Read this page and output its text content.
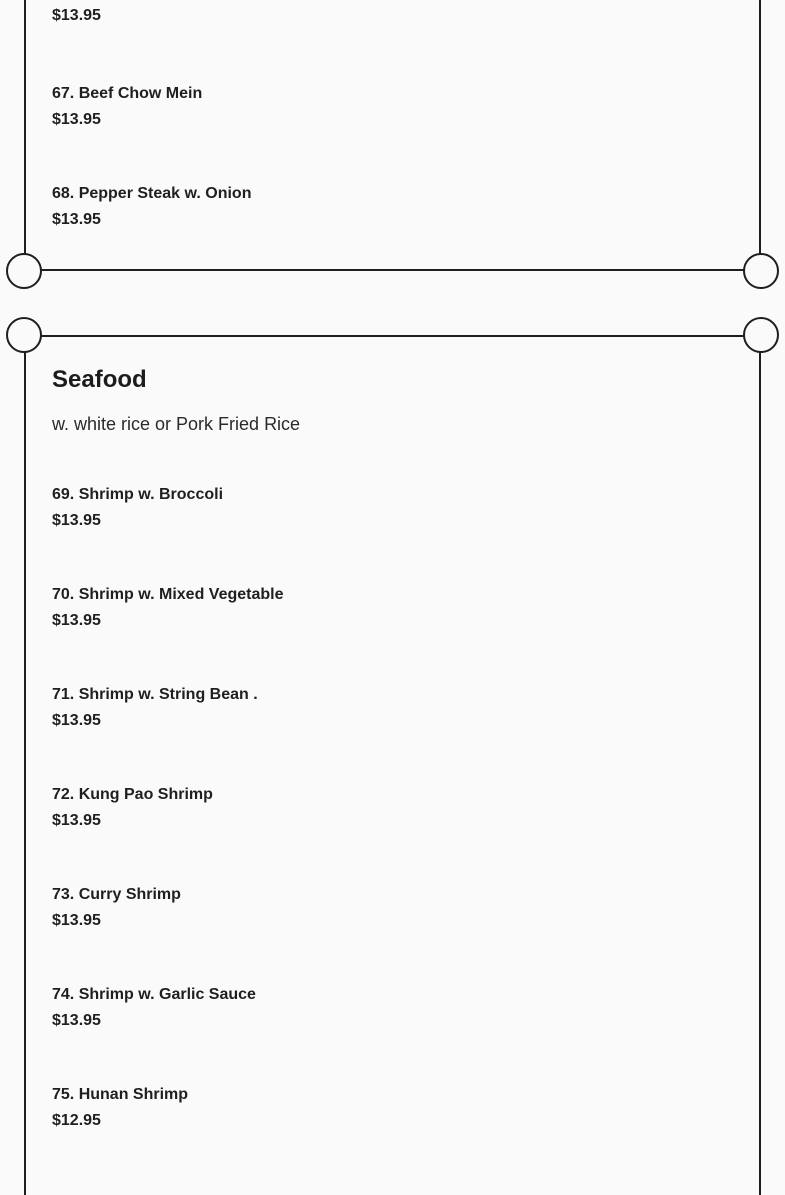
$13.95
67. Beef Chow Mein
$13.95
68. Pepper Steak w. Onion
$13.95
Seafood
w. white rice or Pork Fried Rice
69. Shrimp w. Broccoli
$13.95
70. Shrimp w. Mixed Vegetable
$13.95
71. Shrimp w. String Bean .
$13.95
72. Kung Pao Shrimp
$13.95
73. Curry Shrimp
$13.95
74. Shrimp w. Garlic Sauce
$13.95
75. Hunan Shrimp
$12.95
